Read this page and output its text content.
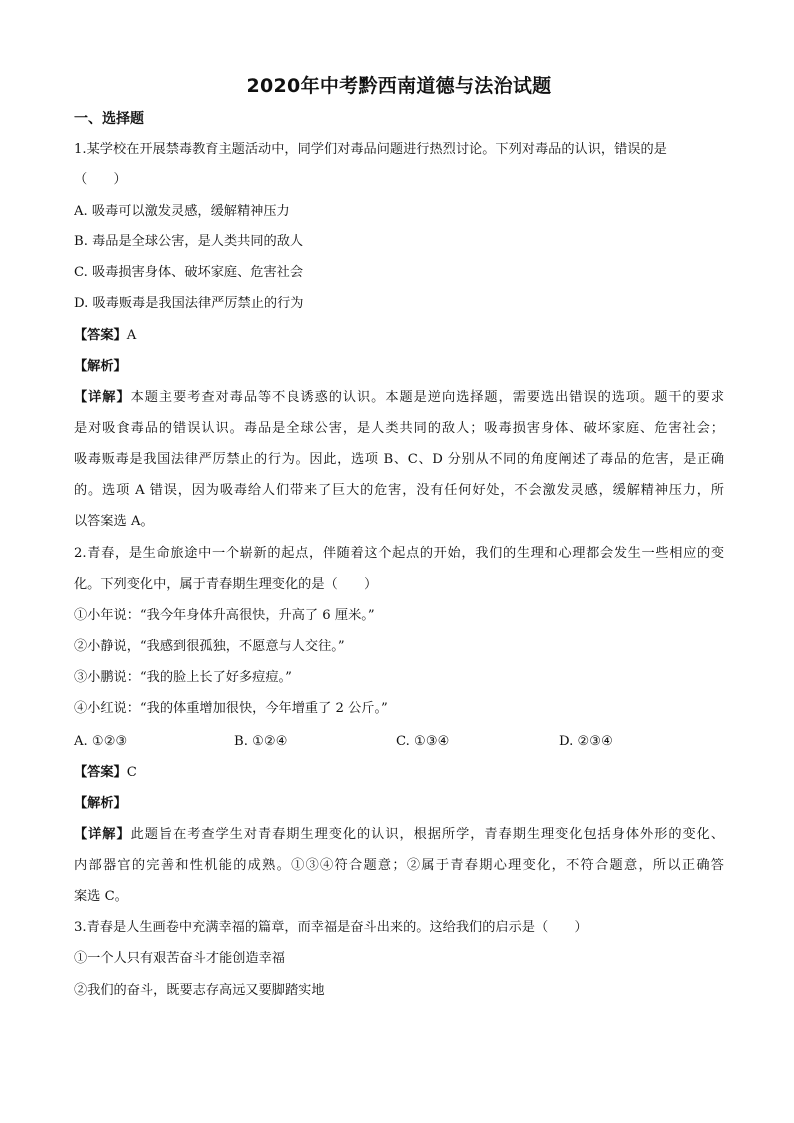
2020年中考黔西南道德与法治试题
一、选择题
1.某学校在开展禁毒教育主题活动中，同学们对毒品问题进行热烈讨论。下列对毒品的认识，错误的是
（　　）
A. 吸毒可以激发灵感，缓解精神压力
B. 毒品是全球公害，是人类共同的敌人
C. 吸毒损害身体、破坏家庭、危害社会
D. 吸毒贩毒是我国法律严厉禁止的行为
【答案】A
【解析】
【详解】本题主要考查对毒品等不良诱惑的认识。本题是逆向选择题，需要选出错误的选项。题干的要求
是对吸食毒品的错误认识。毒品是全球公害，是人类共同的敌人；吸毒损害身体、破坏家庭、危害社会；
吸毒贩毒是我国法律严厉禁止的行为。因此，选项 B、C、D 分别从不同的角度阐述了毒品的危害，是正确
的。选项 A 错误，因为吸毒给人们带来了巨大的危害，没有任何好处，不会激发灵感，缓解精神压力，所
以答案选 A。
2.青春，是生命旅途中一个崭新的起点，伴随着这个起点的开始，我们的生理和心理都会发生一些相应的变
化。下列变化中，属于青春期生理变化的是（　　）
①小年说：“我今年身体升高很快，升高了 6 厘米。”
②小静说，“我感到很孤独，不愿意与人交往。”
③小鹏说：“我的脸上长了好多痘痘。”
④小红说：“我的体重增加很快，今年增重了 2 公斤。”
A. ①②③	B. ①②④	C. ①③④	D. ②③④
【答案】C
【解析】
【详解】此题旨在考查学生对青春期生理变化的认识，根据所学，青春期生理变化包括身体外形的变化、
内部器官的完善和性机能的成熟。①③④符合题意；②属于青春期心理变化，不符合题意，所以正确答
案选 C。
3.青春是人生画卷中充满幸福的篇章，而幸福是奋斗出来的。这给我们的启示是（　　）
①一个人只有艰苦奋斗才能创造幸福
②我们的奋斗，既要志存高远又要脚踏实地
